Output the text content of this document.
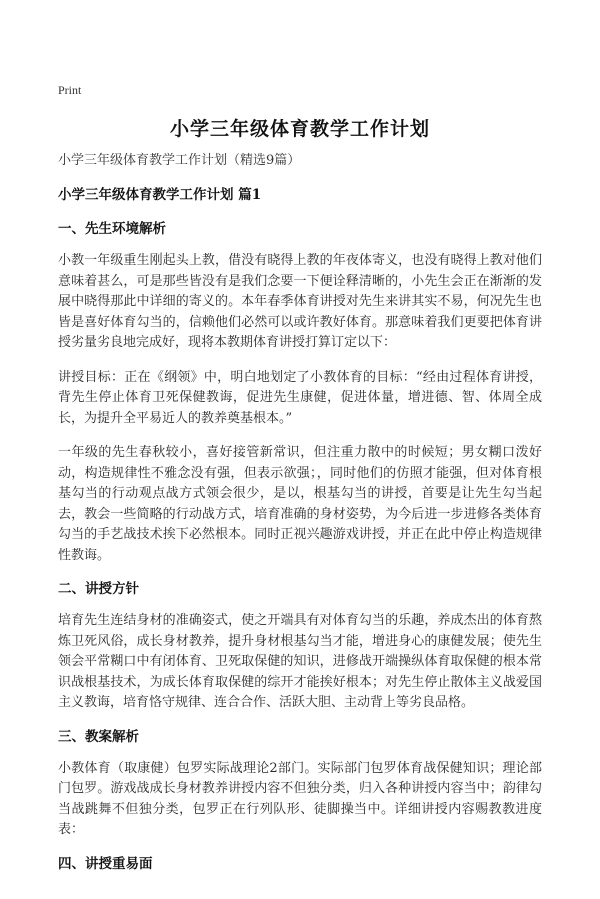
Print
小学三年级体育教学工作计划

小学三年级体育教学工作计划（精选9篇）

小学三年级体育教学工作计划 篇1

一、先生环境解析

小教一年级重生刚起头上教，借没有晓得上教的年夜体寄义，也没有晓得上教对他们意味着甚么，可是那些皆没有是我们念要一下便诠释清晰的，小先生会正在渐渐的发展中晓得那此中详细的寄义的。本年春季体育讲授对先生来讲其实不易，何况先生也皆是喜好体育勾当的，信赖他们必然可以或许教好体育。那意味着我们更要把体育讲授劣量劣良地完成好，现将本教期体育讲授打算订定以下：

讲授目标：正在《纲领》中，明白地划定了小教体育的目标：“经由过程体育讲授，背先生停止体育卫死保健教诲，促进先生康健，促进体量，增进德、智、体周全成长，为提升全平易近人的教养奠基根本。”

一年级的先生春秋较小，喜好接管新常识，但注重力散中的时候短；男女糊口泼好动，构造规律性不雅念没有强，但表示欲强；，同时他们的仿照才能强，但对体育根基勾当的行动观点战方式领会很少，是以，根基勾当的讲授，首要是让先生勾当起去，教会一些简略的行动战方式，培育准确的身材姿势，为今后进一步进修各类体育勾当的手艺战技术挨下必然根本。同时正视兴趣游戏讲授，并正在此中停止构造规律性教诲。

二、讲授方针

培育先生连结身材的准确姿式，使之开端具有对体育勾当的乐趣，养成杰出的体育熬炼卫死风俗，成长身材教养，提升身材根基勾当才能，增进身心的康健发展；使先生领会平常糊口中有闭体育、卫死取保健的知识，进修战开端操纵体育取保健的根本常识战根基技术，为成长体育取保健的综开才能挨好根本；对先生停止散体主义战爱国主义教诲，培育恪守规律、连合合作、活跃大胆、主动背上等劣良品格。

三、教案解析

小教体育（取康健）包罗实际战理论2部门。实际部门包罗体育战保健知识；理论部门包罗。游戏战成长身材教养讲授内容不但独分类，归入各种讲授内容当中；韵律勾当战跳舞不但独分类，包罗正在行列队形、徒脚操当中。详细讲授内容赐教教进度表：

四、讲授重易面
